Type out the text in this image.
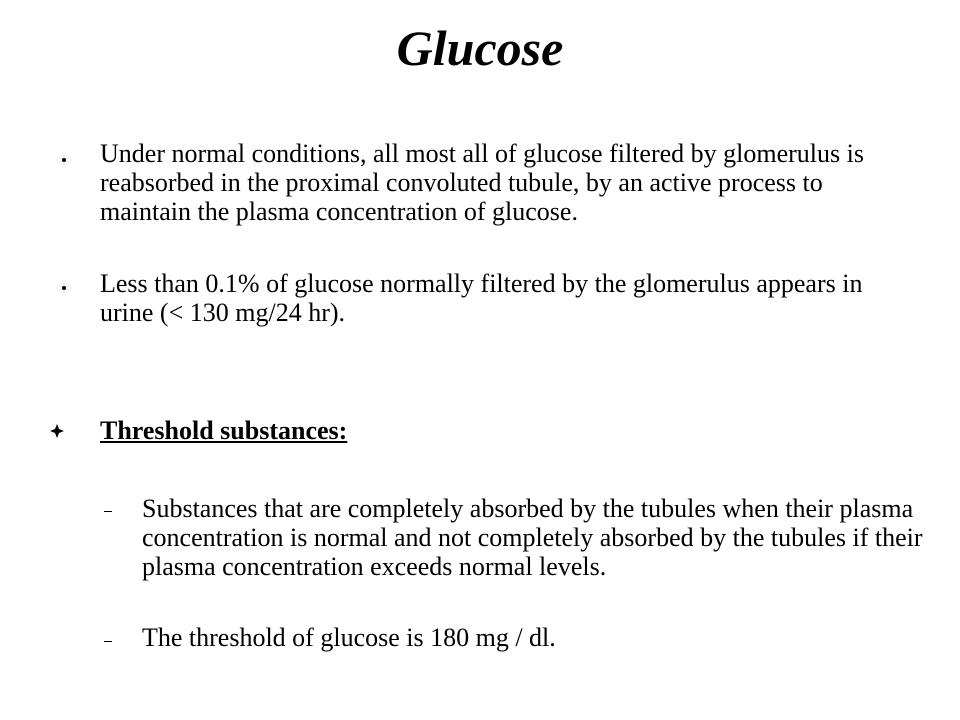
Glucose
Under normal conditions, all most all of glucose filtered by glomerulus is reabsorbed in the proximal convoluted tubule, by an active process to maintain the plasma concentration of glucose.
Less than 0.1% of glucose normally filtered by the glomerulus appears in urine (< 130 mg/24 hr).
Threshold substances:
Substances that are completely absorbed by the tubules when their plasma concentration is normal and not completely absorbed by the tubules if their plasma concentration exceeds normal levels.
The threshold of glucose is 180 mg / dl.
